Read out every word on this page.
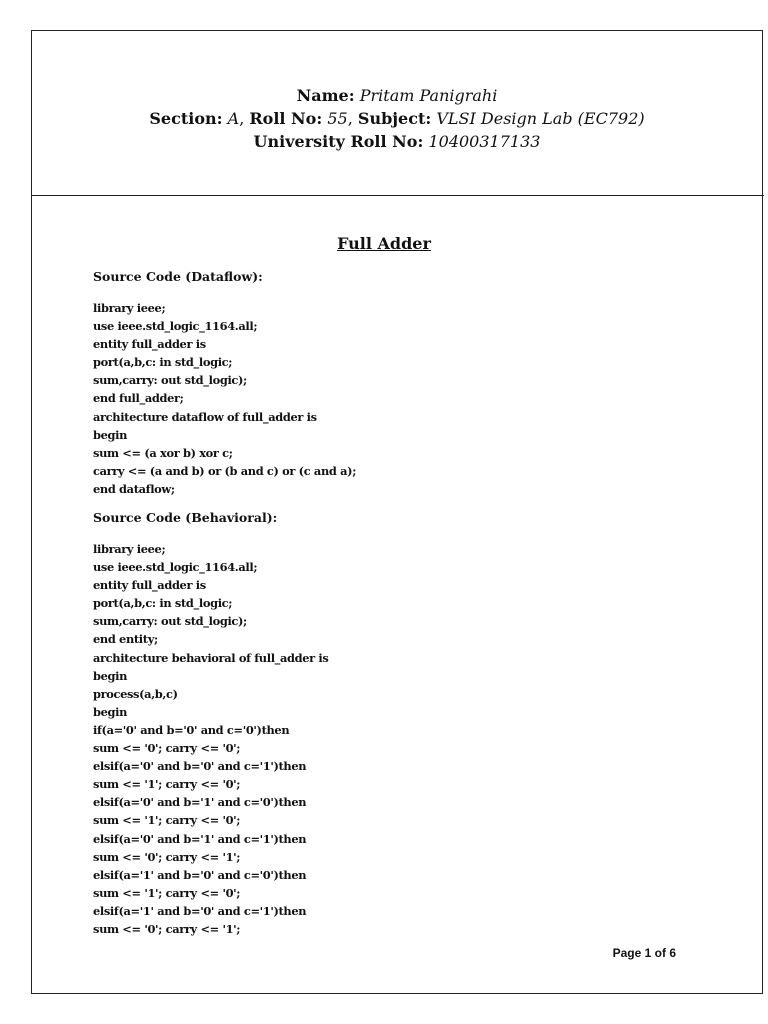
Name: Pritam Panigrahi
Section: A, Roll No: 55, Subject: VLSI Design Lab (EC792)
University Roll No: 10400317133
Full Adder
Source Code (Dataflow):
library ieee;
use ieee.std_logic_1164.all;
entity full_adder is
port(a,b,c: in std_logic;
sum,carry: out std_logic);
end full_adder;
architecture dataflow of full_adder is
begin
sum <= (a xor b) xor c;
carry <= (a and b) or (b and c) or (c and a);
end dataflow;
Source Code (Behavioral):
library ieee;
use ieee.std_logic_1164.all;
entity full_adder is
port(a,b,c: in std_logic;
sum,carry: out std_logic);
end entity;
architecture behavioral of full_adder is
begin
process(a,b,c)
begin
if(a='0' and b='0' and c='0')then
sum <= '0'; carry <= '0';
elsif(a='0' and b='0' and c='1')then
sum <= '1'; carry <= '0';
elsif(a='0' and b='1' and c='0')then
sum <= '1'; carry <= '0';
elsif(a='0' and b='1' and c='1')then
sum <= '0'; carry <= '1';
elsif(a='1' and b='0' and c='0')then
sum <= '1'; carry <= '0';
elsif(a='1' and b='0' and c='1')then
sum <= '0'; carry <= '1';
Page 1 of 6
